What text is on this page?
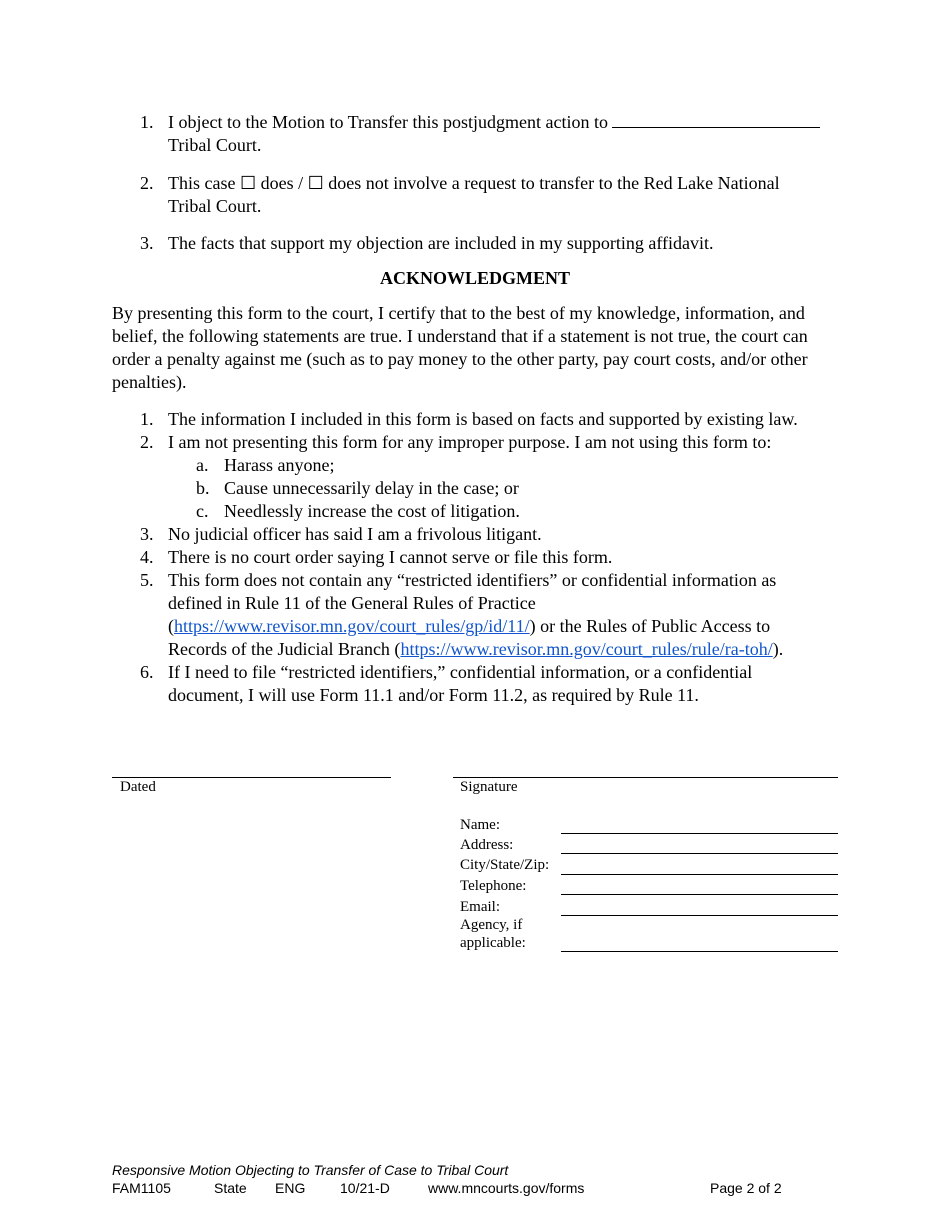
1. I object to the Motion to Transfer this postjudgment action to
Tribal Court.
2. This case ☐ does / ☐ does not involve a request to transfer to the Red Lake National
Tribal Court.
3. The facts that support my objection are included in my supporting affidavit.
ACKNOWLEDGMENT
By presenting this form to the court, I certify that to the best of my knowledge, information, and belief, the following statements are true. I understand that if a statement is not true, the court can order a penalty against me (such as to pay money to the other party, pay court costs, and/or other penalties).
1. The information I included in this form is based on facts and supported by existing law.
2. I am not presenting this form for any improper purpose. I am not using this form to:
a. Harass anyone;
b. Cause unnecessarily delay in the case; or
c. Needlessly increase the cost of litigation.
3. No judicial officer has said I am a frivolous litigant.
4. There is no court order saying I cannot serve or file this form.
5. This form does not contain any “restricted identifiers” or confidential information as
defined in Rule 11 of the General Rules of Practice
(https://www.revisor.mn.gov/court_rules/gp/id/11/) or the Rules of Public Access to
Records of the Judicial Branch (https://www.revisor.mn.gov/court_rules/rule/ra-toh/).
6. If I need to file “restricted identifiers,” confidential information, or a confidential
document, I will use Form 11.1 and/or Form 11.2, as required by Rule 11.
Dated	Signature
Name:
Address:
City/State/Zip:
Telephone:
Email:
Agency, if
applicable:
Responsive Motion Objecting to Transfer of Case to Tribal Court
FAM1105	State ENG 10/21-D	www.mncourts.gov/forms	Page 2 of 2
